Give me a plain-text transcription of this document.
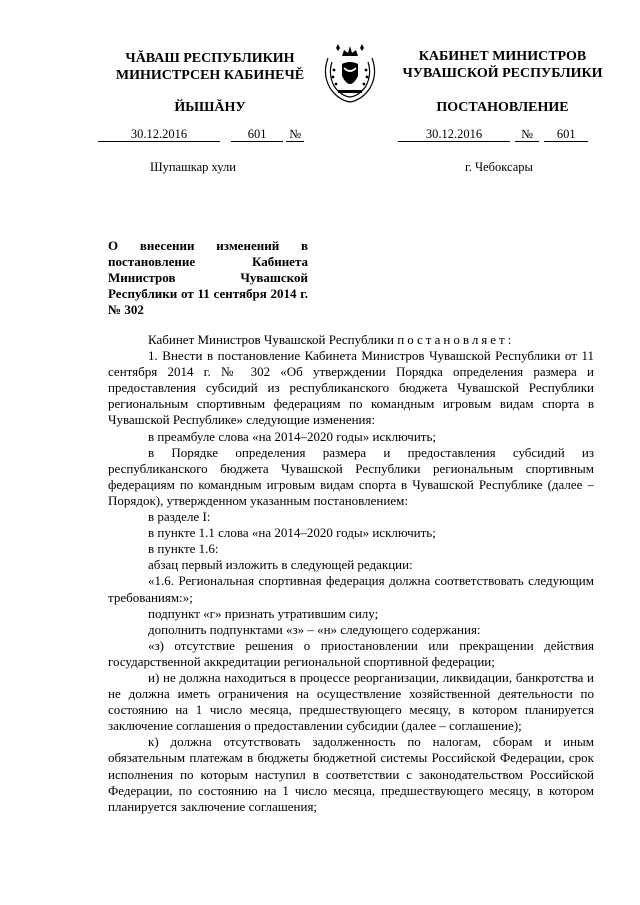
ЧĂВАШ РЕСПУБЛИКИН
МИНИСТРСЕН КАБИНЕЧĚ
ЙЫШĂНУ
КАБИНЕТ МИНИСТРОВ
ЧУВАШСКОЙ РЕСПУБЛИКИ
ПОСТАНОВЛЕНИЕ
30.12.2016	601 №	30.12.2016	№ 601
Шупашкар хули	г. Чебоксары
О внесении изменений в постановление Кабинета Министров Чувашской Республики от 11 сентября 2014 г. № 302

Кабинет Министров Чувашской Республики постановляет:

1. Внести в постановление Кабинета Министров Чувашской Республики от 11 сентября 2014 г. № 302 «Об утверждении Порядка определения размера и предоставления субсидий из республиканского бюджета Чувашской Республики региональным спортивным федерациям по командным игровым видам спорта в Чувашской Республике» следующие изменения:

в преамбуле слова «на 2014–2020 годы» исключить;

в Порядке определения размера и предоставления субсидий из республиканского бюджета Чувашской Республики региональным спортивным федерациям по командным игровым видам спорта в Чувашской Республике (далее – Порядок), утвержденном указанным постановлением:

в разделе I:

в пункте 1.1 слова «на 2014–2020 годы» исключить;

в пункте 1.6:

абзац первый изложить в следующей редакции:

«1.6. Региональная спортивная федерация должна соответствовать следующим требованиям:»;

подпункт «г» признать утратившим силу;

дополнить подпунктами «з» – «н» следующего содержания:

«з) отсутствие решения о приостановлении или прекращении действия государственной аккредитации региональной спортивной федерации;

и) не должна находиться в процессе реорганизации, ликвидации, банкротства и не должна иметь ограничения на осуществление хозяйственной деятельности по состоянию на 1 число месяца, предшествующего месяцу, в котором планируется заключение соглашения о предоставлении субсидии (далее – соглашение);

к) должна отсутствовать задолженность по налогам, сборам и иным обязательным платежам в бюджеты бюджетной системы Российской Федерации, срок исполнения по которым наступил в соответствии с законодательством Российской Федерации, по состоянию на 1 число месяца, предшествующего месяцу, в котором планируется заключение соглашения;
